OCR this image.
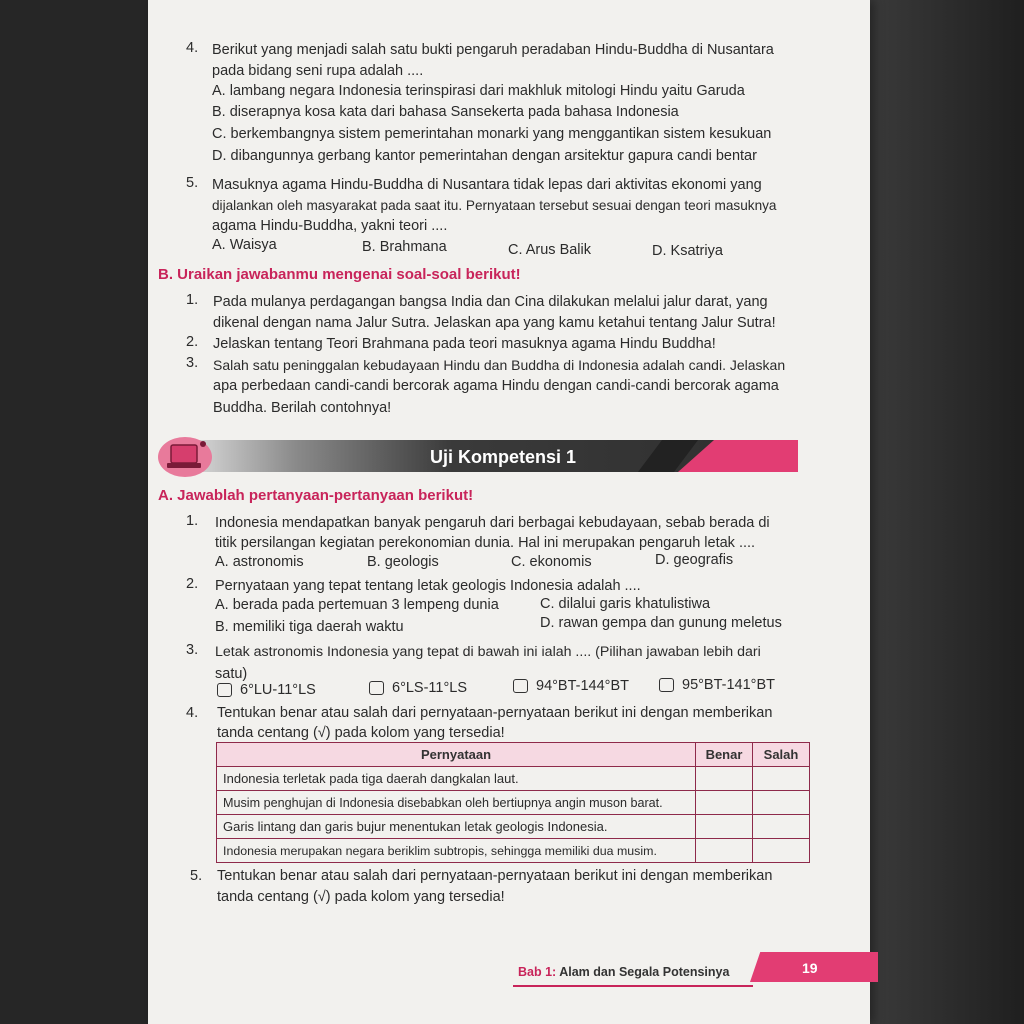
4. Berikut yang menjadi salah satu bukti pengaruh peradaban Hindu-Buddha di Nusantara
pada bidang seni rupa adalah ....
A. lambang negara Indonesia terinspirasi dari makhluk mitologi Hindu yaitu Garuda
B. diserapnya kosa kata dari bahasa Sansekerta pada bahasa Indonesia
C. berkembangnya sistem pemerintahan monarki yang menggantikan sistem kesukuan
D. dibangunnya gerbang kantor pemerintahan dengan arsitektur gapura candi bentar
5. Masuknya agama Hindu-Buddha di Nusantara tidak lepas dari aktivitas ekonomi yang
dijalankan oleh masyarakat pada saat itu. Pernyataan tersebut sesuai dengan teori masuknya
agama Hindu-Buddha, yakni teori ....
A. Waisya	B. Brahmana	C. Arus Balik	D. Ksatriya
B. Uraikan jawabanmu mengenai soal-soal berikut!
1. Pada mulanya perdagangan bangsa India dan Cina dilakukan melalui jalur darat, yang
dikenal dengan nama Jalur Sutra. Jelaskan apa yang kamu ketahui tentang Jalur Sutra!
2. Jelaskan tentang Teori Brahmana pada teori masuknya agama Hindu Buddha!
3. Salah satu peninggalan kebudayaan Hindu dan Buddha di Indonesia adalah candi. Jelaskan
apa perbedaan candi-candi bercorak agama Hindu dengan candi-candi bercorak agama
Buddha. Berilah contohnya!
Uji Kompetensi 1
A. Jawablah pertanyaan-pertanyaan berikut!
1. Indonesia mendapatkan banyak pengaruh dari berbagai kebudayaan, sebab berada di
titik persilangan kegiatan perekonomian dunia. Hal ini merupakan pengaruh letak ....
A. astronomis	B. geologis	C. ekonomis	D. geografis
2. Pernyataan yang tepat tentang letak geologis Indonesia adalah ....
A. berada pada pertemuan 3 lempeng dunia	C. dilalui garis khatulistiwa
B. memiliki tiga daerah waktu	D. rawan gempa dan gunung meletus
3. Letak astronomis Indonesia yang tepat di bawah ini ialah .... (Pilihan jawaban lebih dari
satu)
6°LU-11°LS	6°LS-11°LS	94°BT-144°BT	95°BT-141°BT
4. Tentukan benar atau salah dari pernyataan-pernyataan berikut ini dengan memberikan
tanda centang (√) pada kolom yang tersedia!
Pernyataan	Benar	Salah
Indonesia terletak pada tiga daerah dangkalan laut.		
Musim penghujan di Indonesia disebabkan oleh bertiupnya angin muson barat.		
Garis lintang dan garis bujur menentukan letak geologis Indonesia.		
Indonesia merupakan negara beriklim subtropis, sehingga memiliki dua musim.		
5. Tentukan benar atau salah dari pernyataan-pernyataan berikut ini dengan memberikan
tanda centang (√) pada kolom yang tersedia!
Bab 1: Alam dan Segala Potensinya	19
